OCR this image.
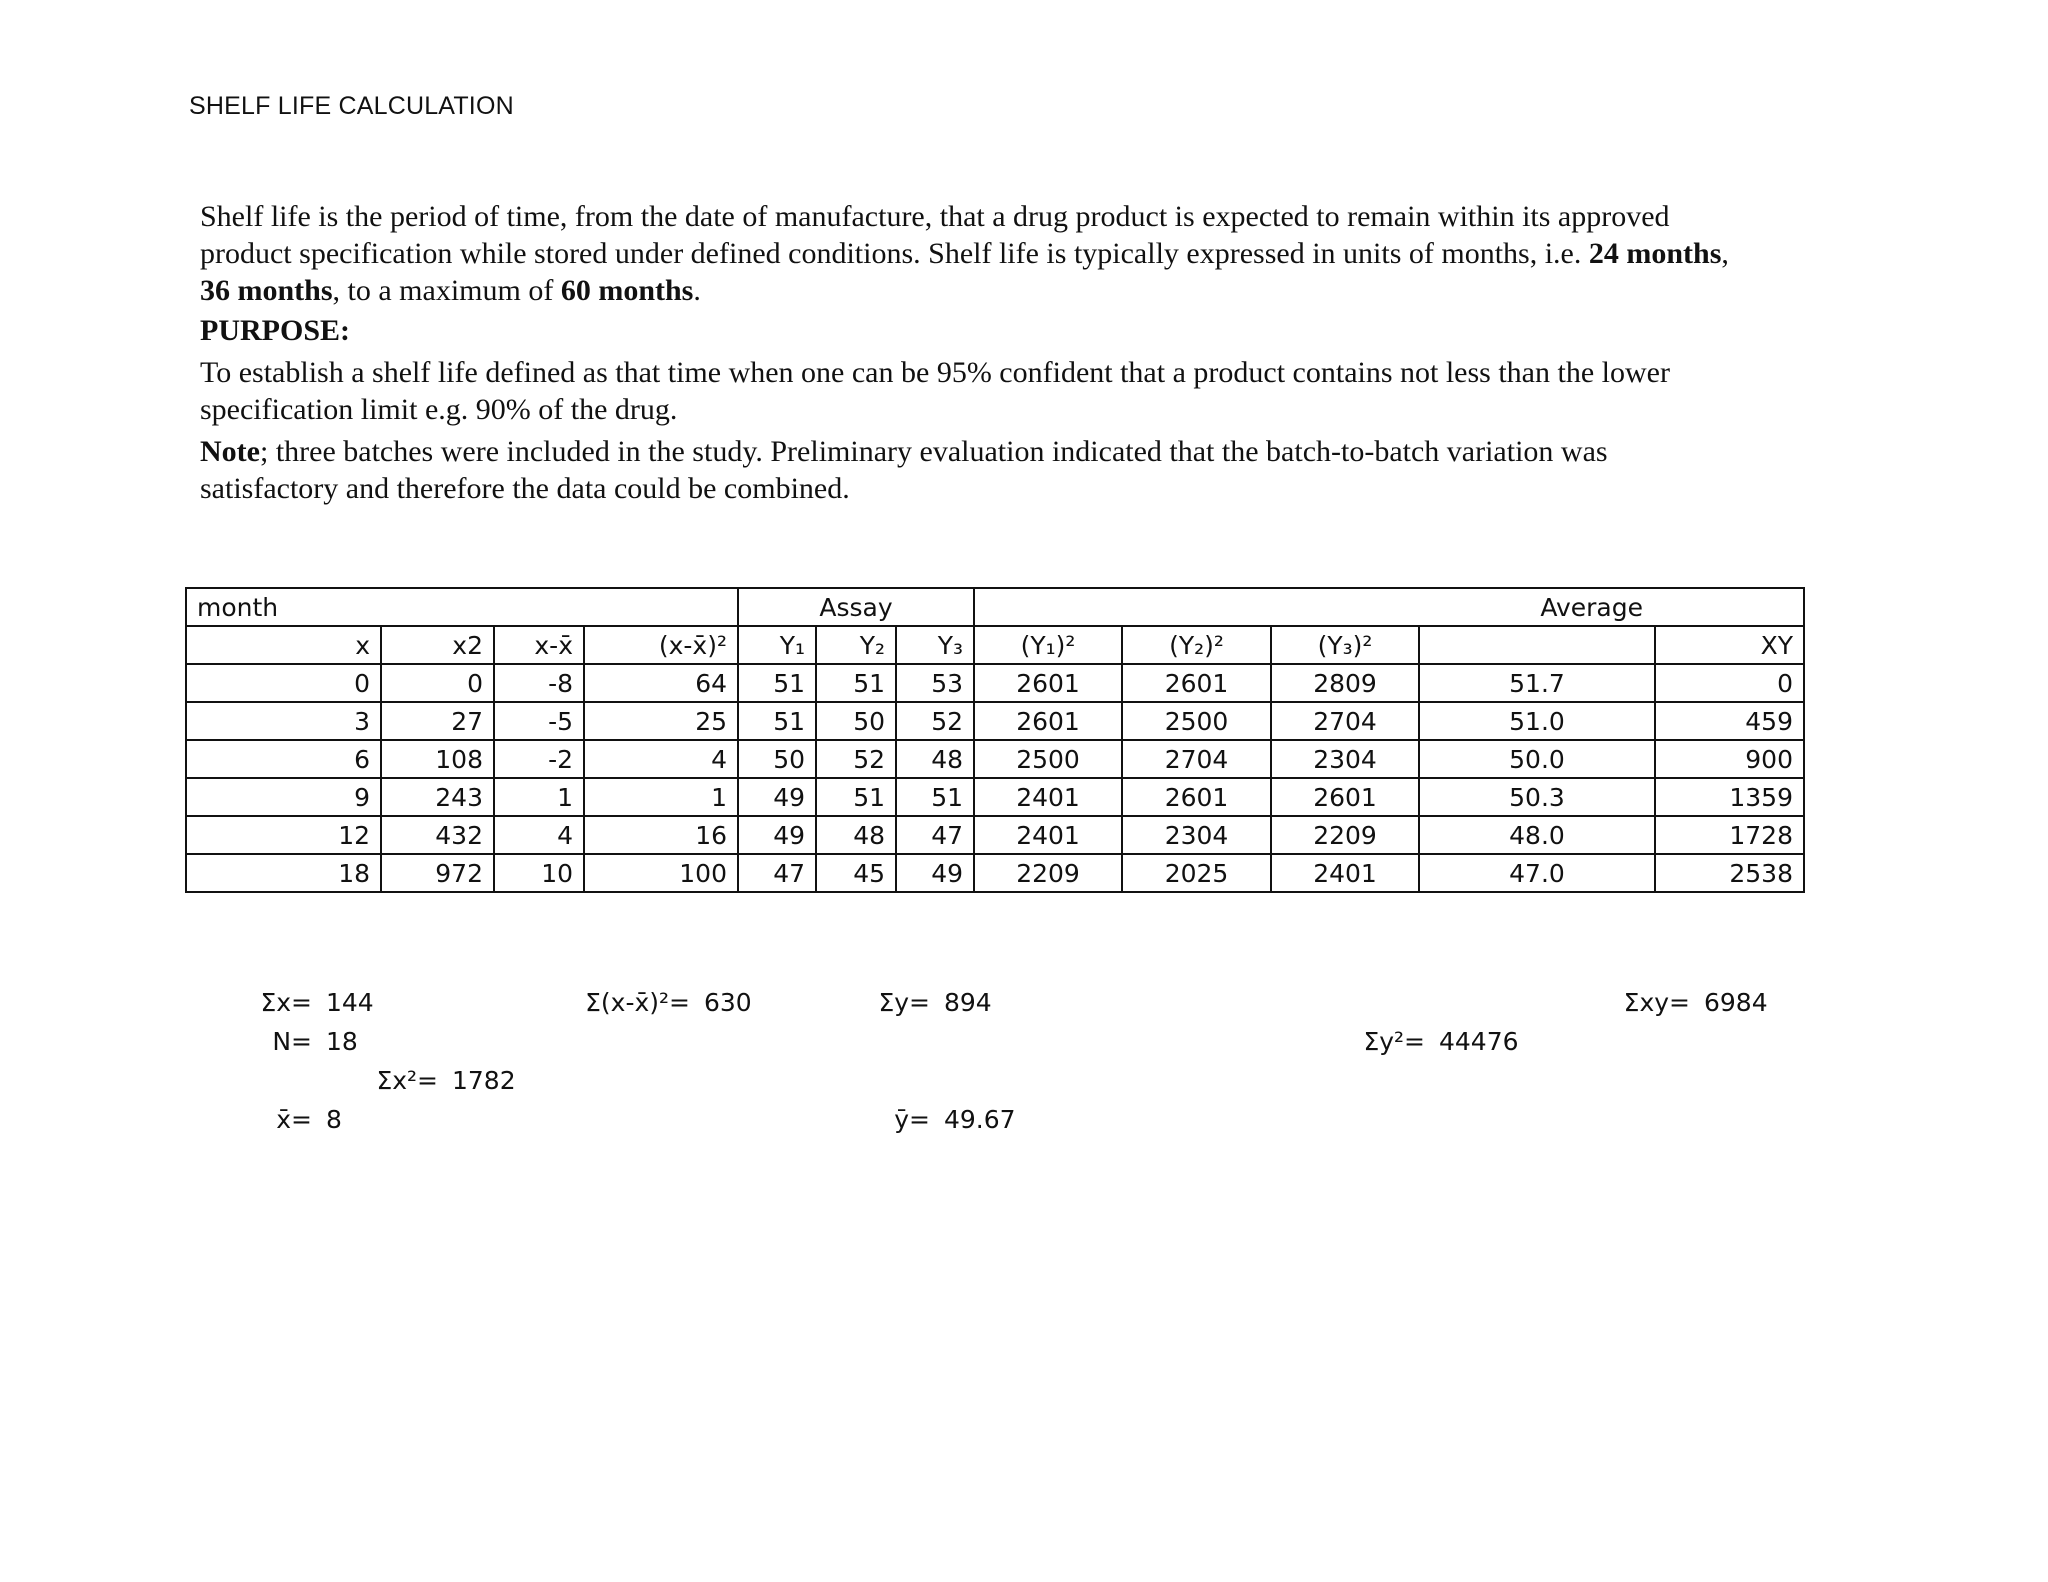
SHELF LIFE CALCULATION

Shelf life is the period of time, from the date of manufacture, that a drug product is expected to remain within its approved product specification while stored under defined conditions. Shelf life is typically expressed in units of months, i.e. 24 months, 36 months, to a maximum of 60 months.

PURPOSE:

To establish a shelf life defined as that time when one can be 95% confident that a product contains not less than the lower specification limit e.g. 90% of the drug.

Note; three batches were included in the study. Preliminary evaluation indicated that the batch-to-batch variation was satisfactory and therefore the data could be combined.

month				Assay			Average				
x	x2	x-x̄	(x-x̄)²	Y₁	Y₂	Y₃	(Y₁)²	(Y₂)²	(Y₃)²		XY
0	0	-8	64	51	51	53	2601	2601	2809	51.7	0
3	27	-5	25	51	50	52	2601	2500	2704	51.0	459
6	108	-2	4	50	52	48	2500	2704	2304	50.0	900
9	243	1	1	49	51	51	2401	2601	2601	50.3	1359
12	432	4	16	49	48	47	2401	2304	2209	48.0	1728
18	972	10	100	47	45	49	2209	2025	2401	47.0	2538
Σx= 144
N= 18
Σx²= 1782
x̄= 8
Σ(x-x̄)²= 630	Σy= 894
ȳ= 49.67
Σy²= 44476
Σxy= 6984
